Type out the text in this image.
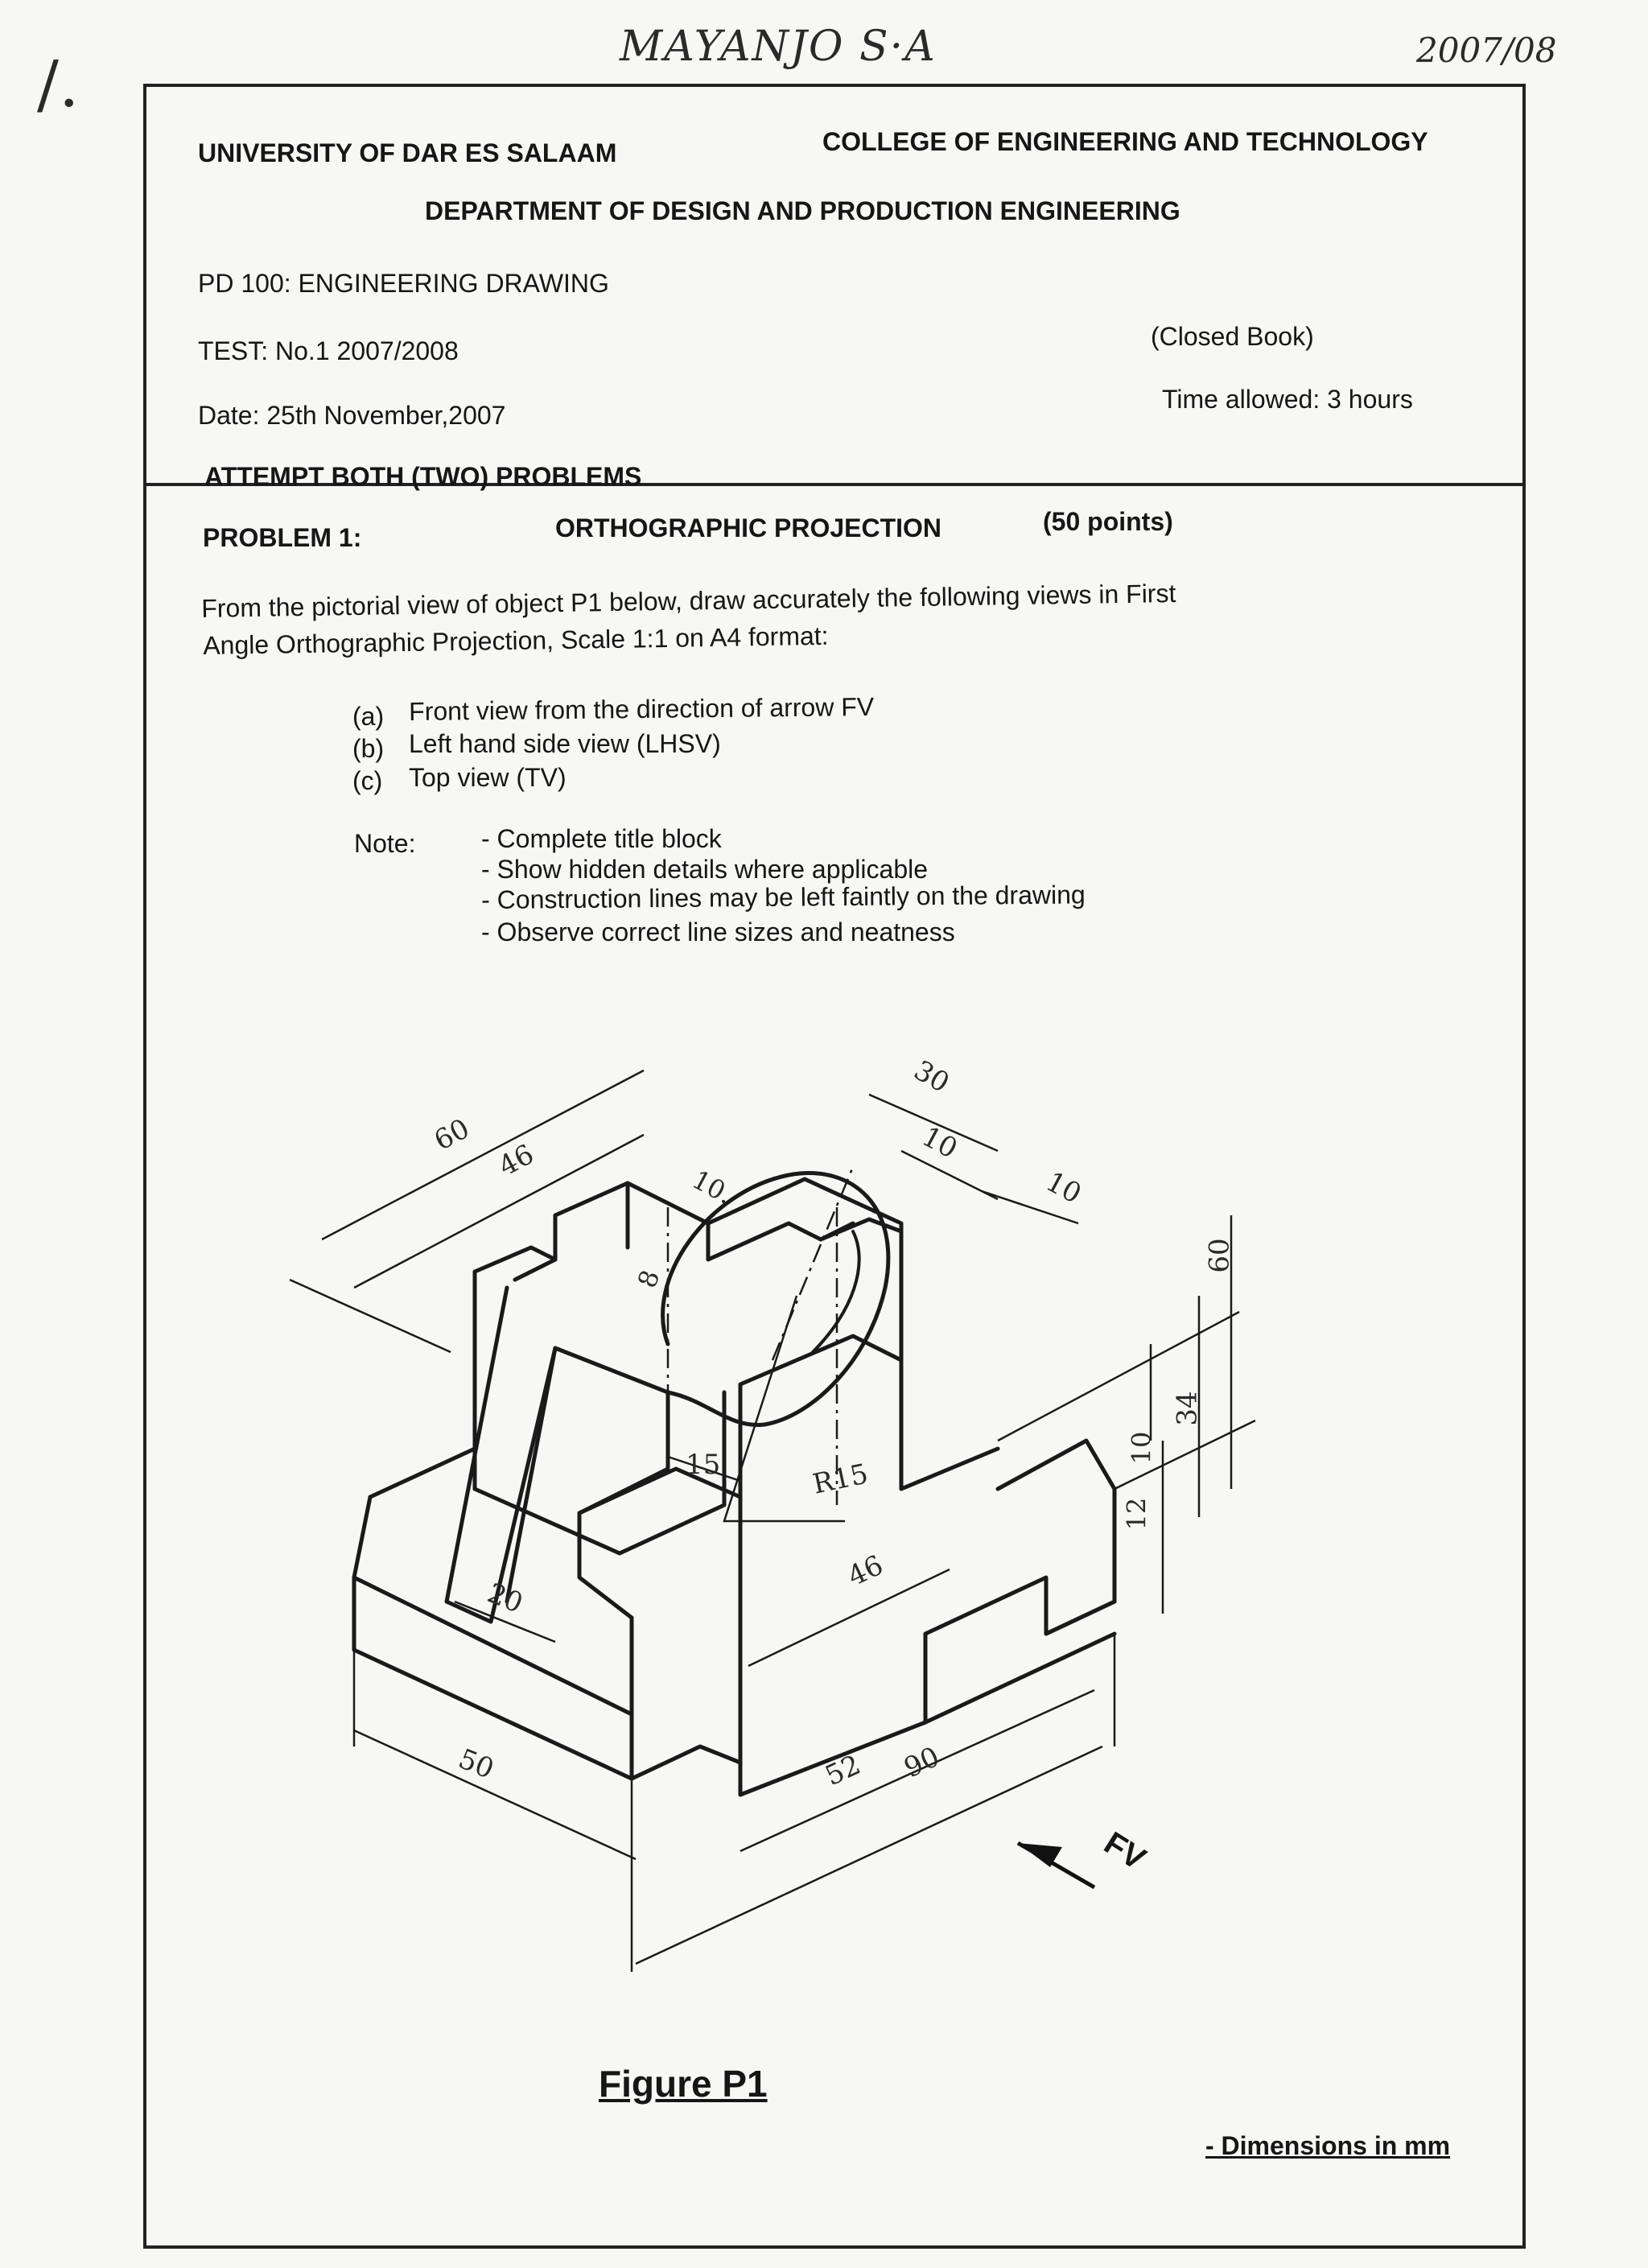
MAYANJO S·A	2007/08
/.
UNIVERSITY OF DAR ES SALAAM	COLLEGE OF ENGINEERING AND TECHNOLOGY
DEPARTMENT OF DESIGN AND PRODUCTION ENGINEERING
PD 100: ENGINEERING DRAWING
TEST: No.1 2007/2008	(Closed Book)
Date: 25th November,2007
Time allowed: 3 hours
ATTEMPT BOTH (TWO) PROBLEMS
PROBLEM 1:	ORTHOGRAPHIC PROJECTION	(50 points)
From the pictorial view of object P1 below, draw accurately the following views in First
Angle Orthographic Projection, Scale 1:1 on A4 format:
(a) Front view from the direction of arrow FV
(b) Left hand side view (LHSV)
(c) Top view (TV)
Note:	- Complete title block
- Show hidden details where applicable
- Construction lines may be left faintly on the drawing
- Observe correct line sizes and neatness
60
46
30
10
10
10.
8
60
34
10
12
15	R15
46
20
50	52 90
FV
Figure P1
- Dimensions in mm
